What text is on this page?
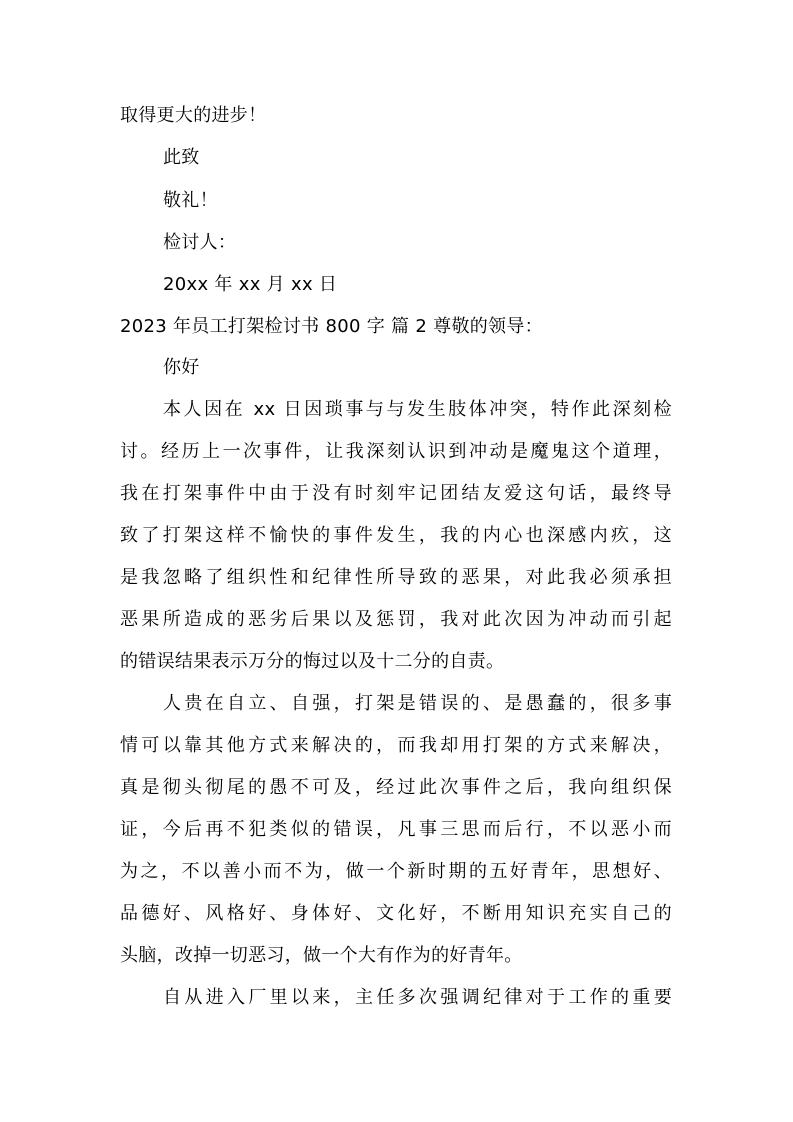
取得更大的进步！
此致
敬礼！
检讨人：
20xx 年 xx 月 xx 日
2023 年员工打架检讨书 800 字 篇 2 尊敬的领导：
你好
本人因在 xx 日因琐事与与发生肢体冲突，特作此深刻检
讨。经历上一次事件，让我深刻认识到冲动是魔鬼这个道理，
我在打架事件中由于没有时刻牢记团结友爱这句话，最终导
致了打架这样不愉快的事件发生，我的内心也深感内疚，这
是我忽略了组织性和纪律性所导致的恶果，对此我必须承担
恶果所造成的恶劣后果以及惩罚，我对此次因为冲动而引起
的错误结果表示万分的悔过以及十二分的自责。
人贵在自立、自强，打架是错误的、是愚蠢的，很多事
情可以靠其他方式来解决的，而我却用打架的方式来解决，
真是彻头彻尾的愚不可及，经过此次事件之后，我向组织保
证，今后再不犯类似的错误，凡事三思而后行，不以恶小而
为之，不以善小而不为，做一个新时期的五好青年，思想好、
品德好、风格好、身体好、文化好，不断用知识充实自己的
头脑，改掉一切恶习，做一个大有作为的好青年。
自从进入厂里以来，主任多次强调纪律对于工作的重要
